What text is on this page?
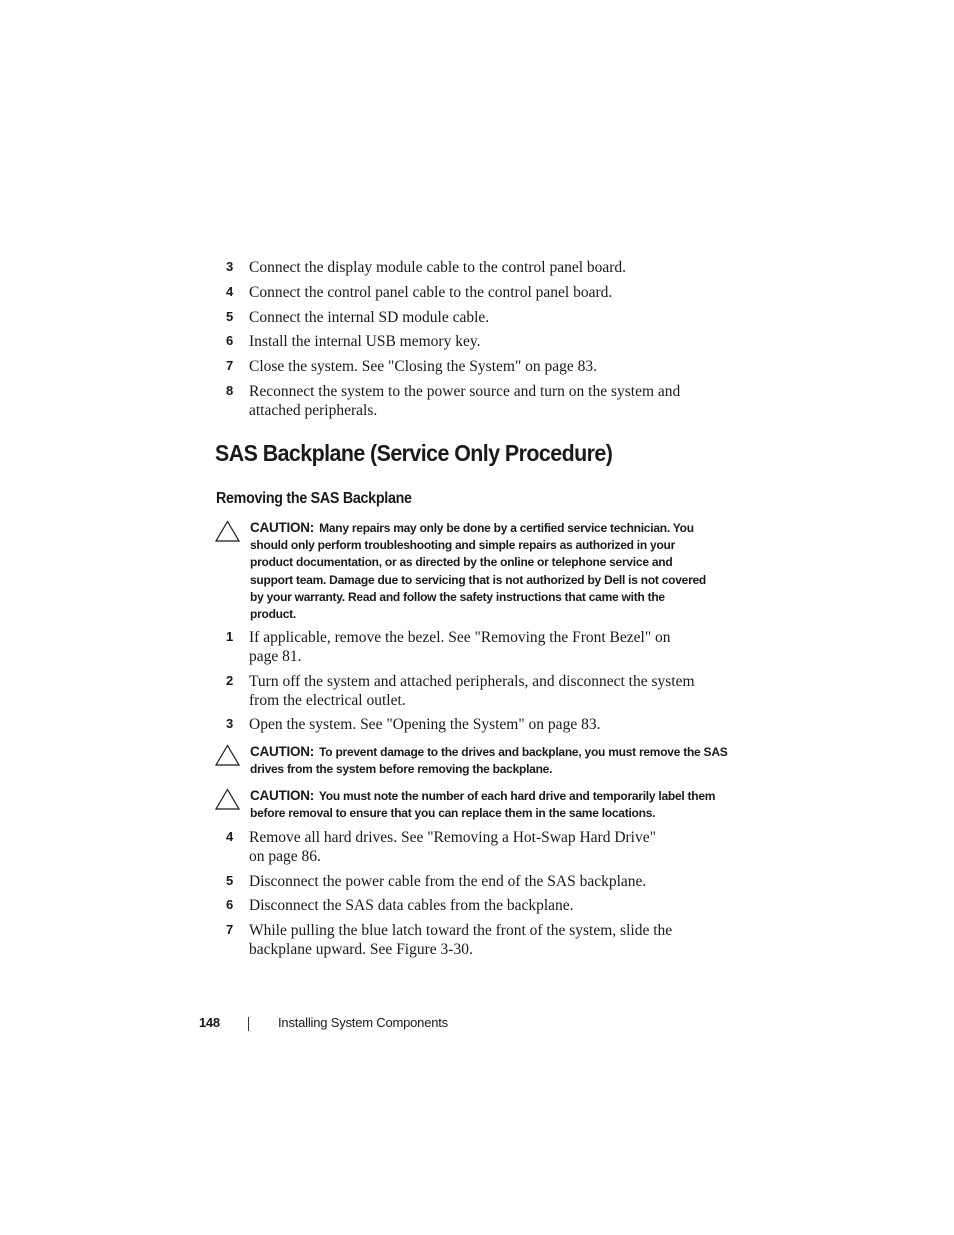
3 Connect the display module cable to the control panel board.
4 Connect the control panel cable to the control panel board.
5 Connect the internal SD module cable.
6 Install the internal USB memory key.
7 Close the system. See "Closing the System" on page 83.
8 Reconnect the system to the power source and turn on the system and attached peripherals.
SAS Backplane (Service Only Procedure)
Removing the SAS Backplane
CAUTION: Many repairs may only be done by a certified service technician. You should only perform troubleshooting and simple repairs as authorized in your product documentation, or as directed by the online or telephone service and support team. Damage due to servicing that is not authorized by Dell is not covered by your warranty. Read and follow the safety instructions that came with the product.
1 If applicable, remove the bezel. See "Removing the Front Bezel" on page 81.
2 Turn off the system and attached peripherals, and disconnect the system from the electrical outlet.
3 Open the system. See "Opening the System" on page 83.
CAUTION: To prevent damage to the drives and backplane, you must remove the SAS drives from the system before removing the backplane.
CAUTION: You must note the number of each hard drive and temporarily label them before removal to ensure that you can replace them in the same locations.
4 Remove all hard drives. See "Removing a Hot-Swap Hard Drive" on page 86.
5 Disconnect the power cable from the end of the SAS backplane.
6 Disconnect the SAS data cables from the backplane.
7 While pulling the blue latch toward the front of the system, slide the backplane upward. See Figure 3-30.
148	Installing System Components
